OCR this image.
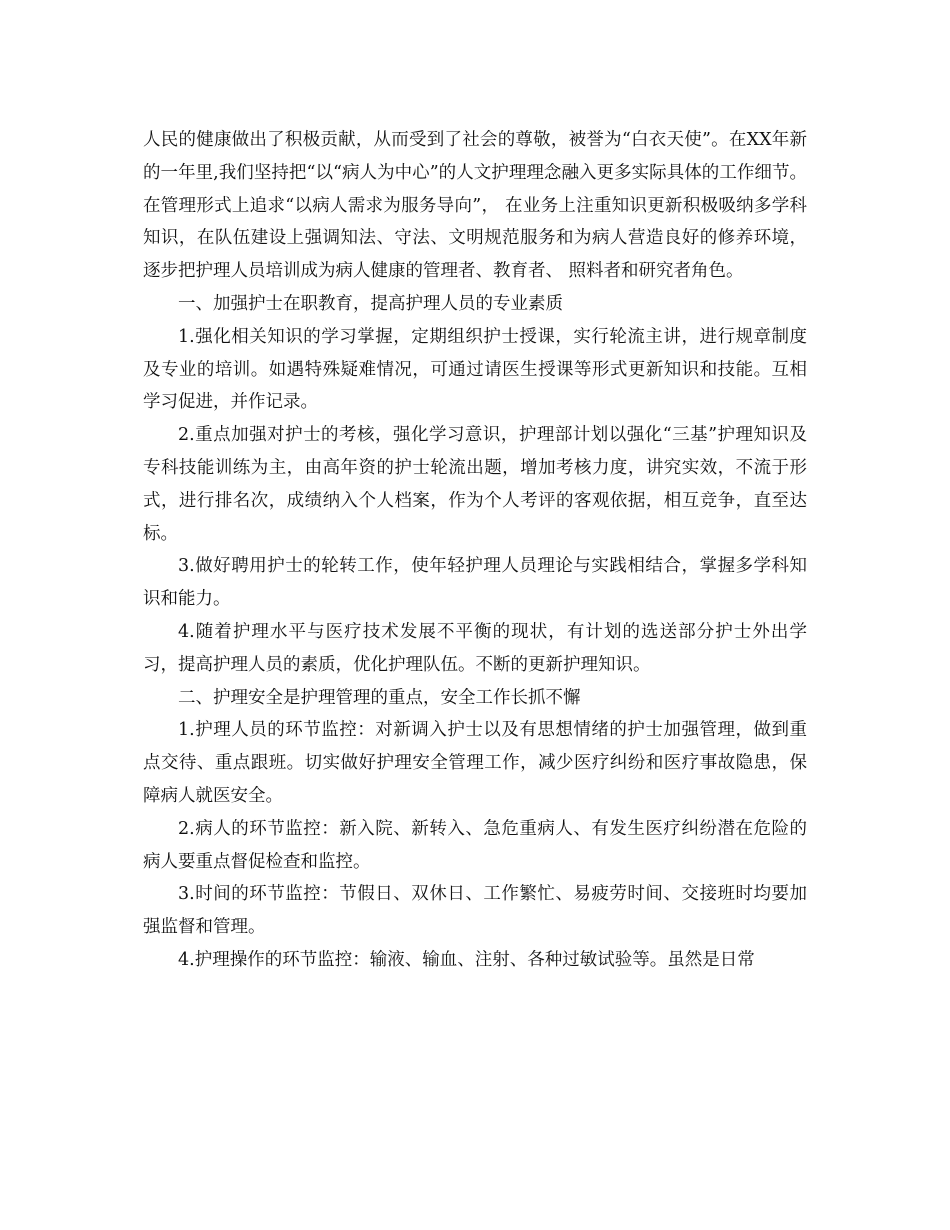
人民的健康做出了积极贡献，从而受到了社会的尊敬，被誉为“白衣天使”。在XX年新的一年里,我们坚持把“以“病人为中心”的人文护理理念融入更多实际具体的工作细节。在管理形式上追求“以病人需求为服务导向”， 在业务上注重知识更新积极吸纳多学科知识，在队伍建设上强调知法、守法、文明规范服务和为病人营造良好的修养环境， 逐步把护理人员培训成为病人健康的管理者、教育者、 照料者和研究者角色。

一、加强护士在职教育，提高护理人员的专业素质

1.强化相关知识的学习掌握，定期组织护士授课，实行轮流主讲，进行规章制度及专业的培训。如遇特殊疑难情况，可通过请医生授课等形式更新知识和技能。互相学习促进，并作记录。

2.重点加强对护士的考核，强化学习意识，护理部计划以强化“三基”护理知识及专科技能训练为主，由高年资的护士轮流出题，增加考核力度，讲究实效，不流于形式，进行排名次，成绩纳入个人档案，作为个人考评的客观依据，相互竞争，直至达标。

3.做好聘用护士的轮转工作，使年轻护理人员理论与实践相结合，掌握多学科知识和能力。

4.随着护理水平与医疗技术发展不平衡的现状，有计划的选送部分护士外出学习，提高护理人员的素质，优化护理队伍。不断的更新护理知识。

二、护理安全是护理管理的重点，安全工作长抓不懈

1.护理人员的环节监控：对新调入护士以及有思想情绪的护士加强管理，做到重点交待、重点跟班。切实做好护理安全管理工作，减少医疗纠纷和医疗事故隐患，保障病人就医安全。

2.病人的环节监控：新入院、新转入、急危重病人、有发生医疗纠纷潜在危险的病人要重点督促检查和监控。

3.时间的环节监控：节假日、双休日、工作繁忙、易疲劳时间、交接班时均要加强监督和管理。

4.护理操作的环节监控：输液、输血、注射、各种过敏试验等。虽然是日常
